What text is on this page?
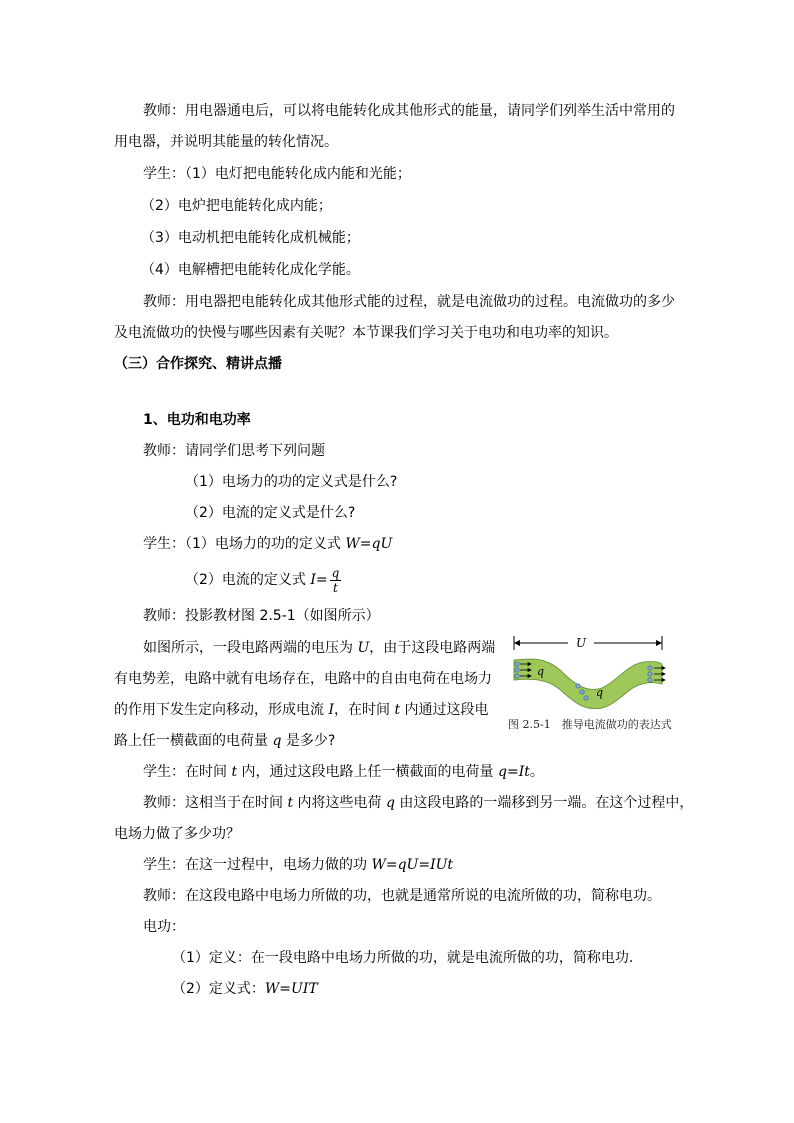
教师：用电器通电后，可以将电能转化成其他形式的能量，请同学们列举生活中常用的
用电器，并说明其能量的转化情况。
学生：（1）电灯把电能转化成内能和光能；
（2）电炉把电能转化成内能；
（3）电动机把电能转化成机械能；
（4）电解槽把电能转化成化学能。
教师：用电器把电能转化成其他形式能的过程，就是电流做功的过程。电流做功的多少
及电流做功的快慢与哪些因素有关呢？本节课我们学习关于电功和电功率的知识。
（三）合作探究、精讲点播
1、电功和电功率
教师：请同学们思考下列问题
（1）电场力的功的定义式是什么?
（2）电流的定义式是什么?
学生：（1）电场力的功的定义式 W=qU
（2）电流的定义式 $I= \frac{q}{t}$
教师：投影教材图 2.5-1（如图所示）
如图所示，一段电路两端的电压为 U，由于这段电路两端
有电势差，电路中就有电场存在，电路中的自由电荷在电场力
的作用下发生定向移动，形成电流 I，在时间 t 内通过这段电
路上任一横截面的电荷量 q 是多少?
U
q
q
图 2.5-1　推导电流做功的表达式
学生：在时间 t 内，通过这段电路上任一横截面的电荷量 q=It。
教师：这相当于在时间 t 内将这些电荷 q 由这段电路的一端移到另一端。在这个过程中，
电场力做了多少功？
学生：在这一过程中，电场力做的功 W=qU=IUt
教师：在这段电路中电场力所做的功，也就是通常所说的电流所做的功，简称电功。
电功：
（1）定义：在一段电路中电场力所做的功，就是电流所做的功，简称电功.
（2）定义式：W=UIT
